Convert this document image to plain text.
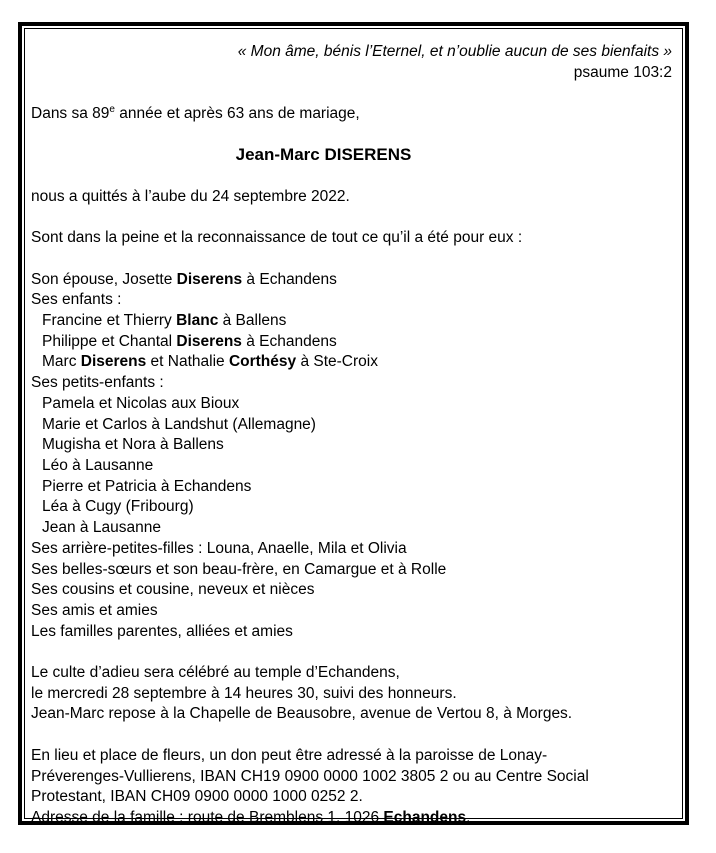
« Mon âme, bénis l’Eternel, et n’oublie aucun de ses bienfaits »
psaume 103:2

Dans sa 89e année et après 63 ans de mariage,

Jean-Marc DISERENS

nous a quittés à l’aube du 24 septembre 2022.

Sont dans la peine et la reconnaissance de tout ce qu’il a été pour eux :

Son épouse, Josette Diserens à Echandens
Ses enfants :
Francine et Thierry Blanc à Ballens
Philippe et Chantal Diserens à Echandens
Marc Diserens et Nathalie Corthésy à Ste-Croix
Ses petits-enfants :
Pamela et Nicolas aux Bioux
Marie et Carlos à Landshut (Allemagne)
Mugisha et Nora à Ballens
Léo à Lausanne
Pierre et Patricia à Echandens
Léa à Cugy (Fribourg)
Jean à Lausanne
Ses arrière-petites-filles : Louna, Anaelle, Mila et Olivia
Ses belles-sœurs et son beau-frère, en Camargue et à Rolle
Ses cousins et cousine, neveux et nièces
Ses amis et amies
Les familles parentes, alliées et amies
Le culte d’adieu sera célébré au temple d’Echandens,
le mercredi 28 septembre à 14 heures 30, suivi des honneurs.
Jean-Marc repose à la Chapelle de Beausobre, avenue de Vertou 8, à Morges.
En lieu et place de fleurs, un don peut être adressé à la paroisse de Lonay-
Préverenges-Vullierens, IBAN CH19 0900 0000 1002 3805 2 ou au Centre Social
Protestant, IBAN CH09 0900 0000 1000 0252 2.
Adresse de la famille : route de Bremblens 1, 1026 Echandens.
